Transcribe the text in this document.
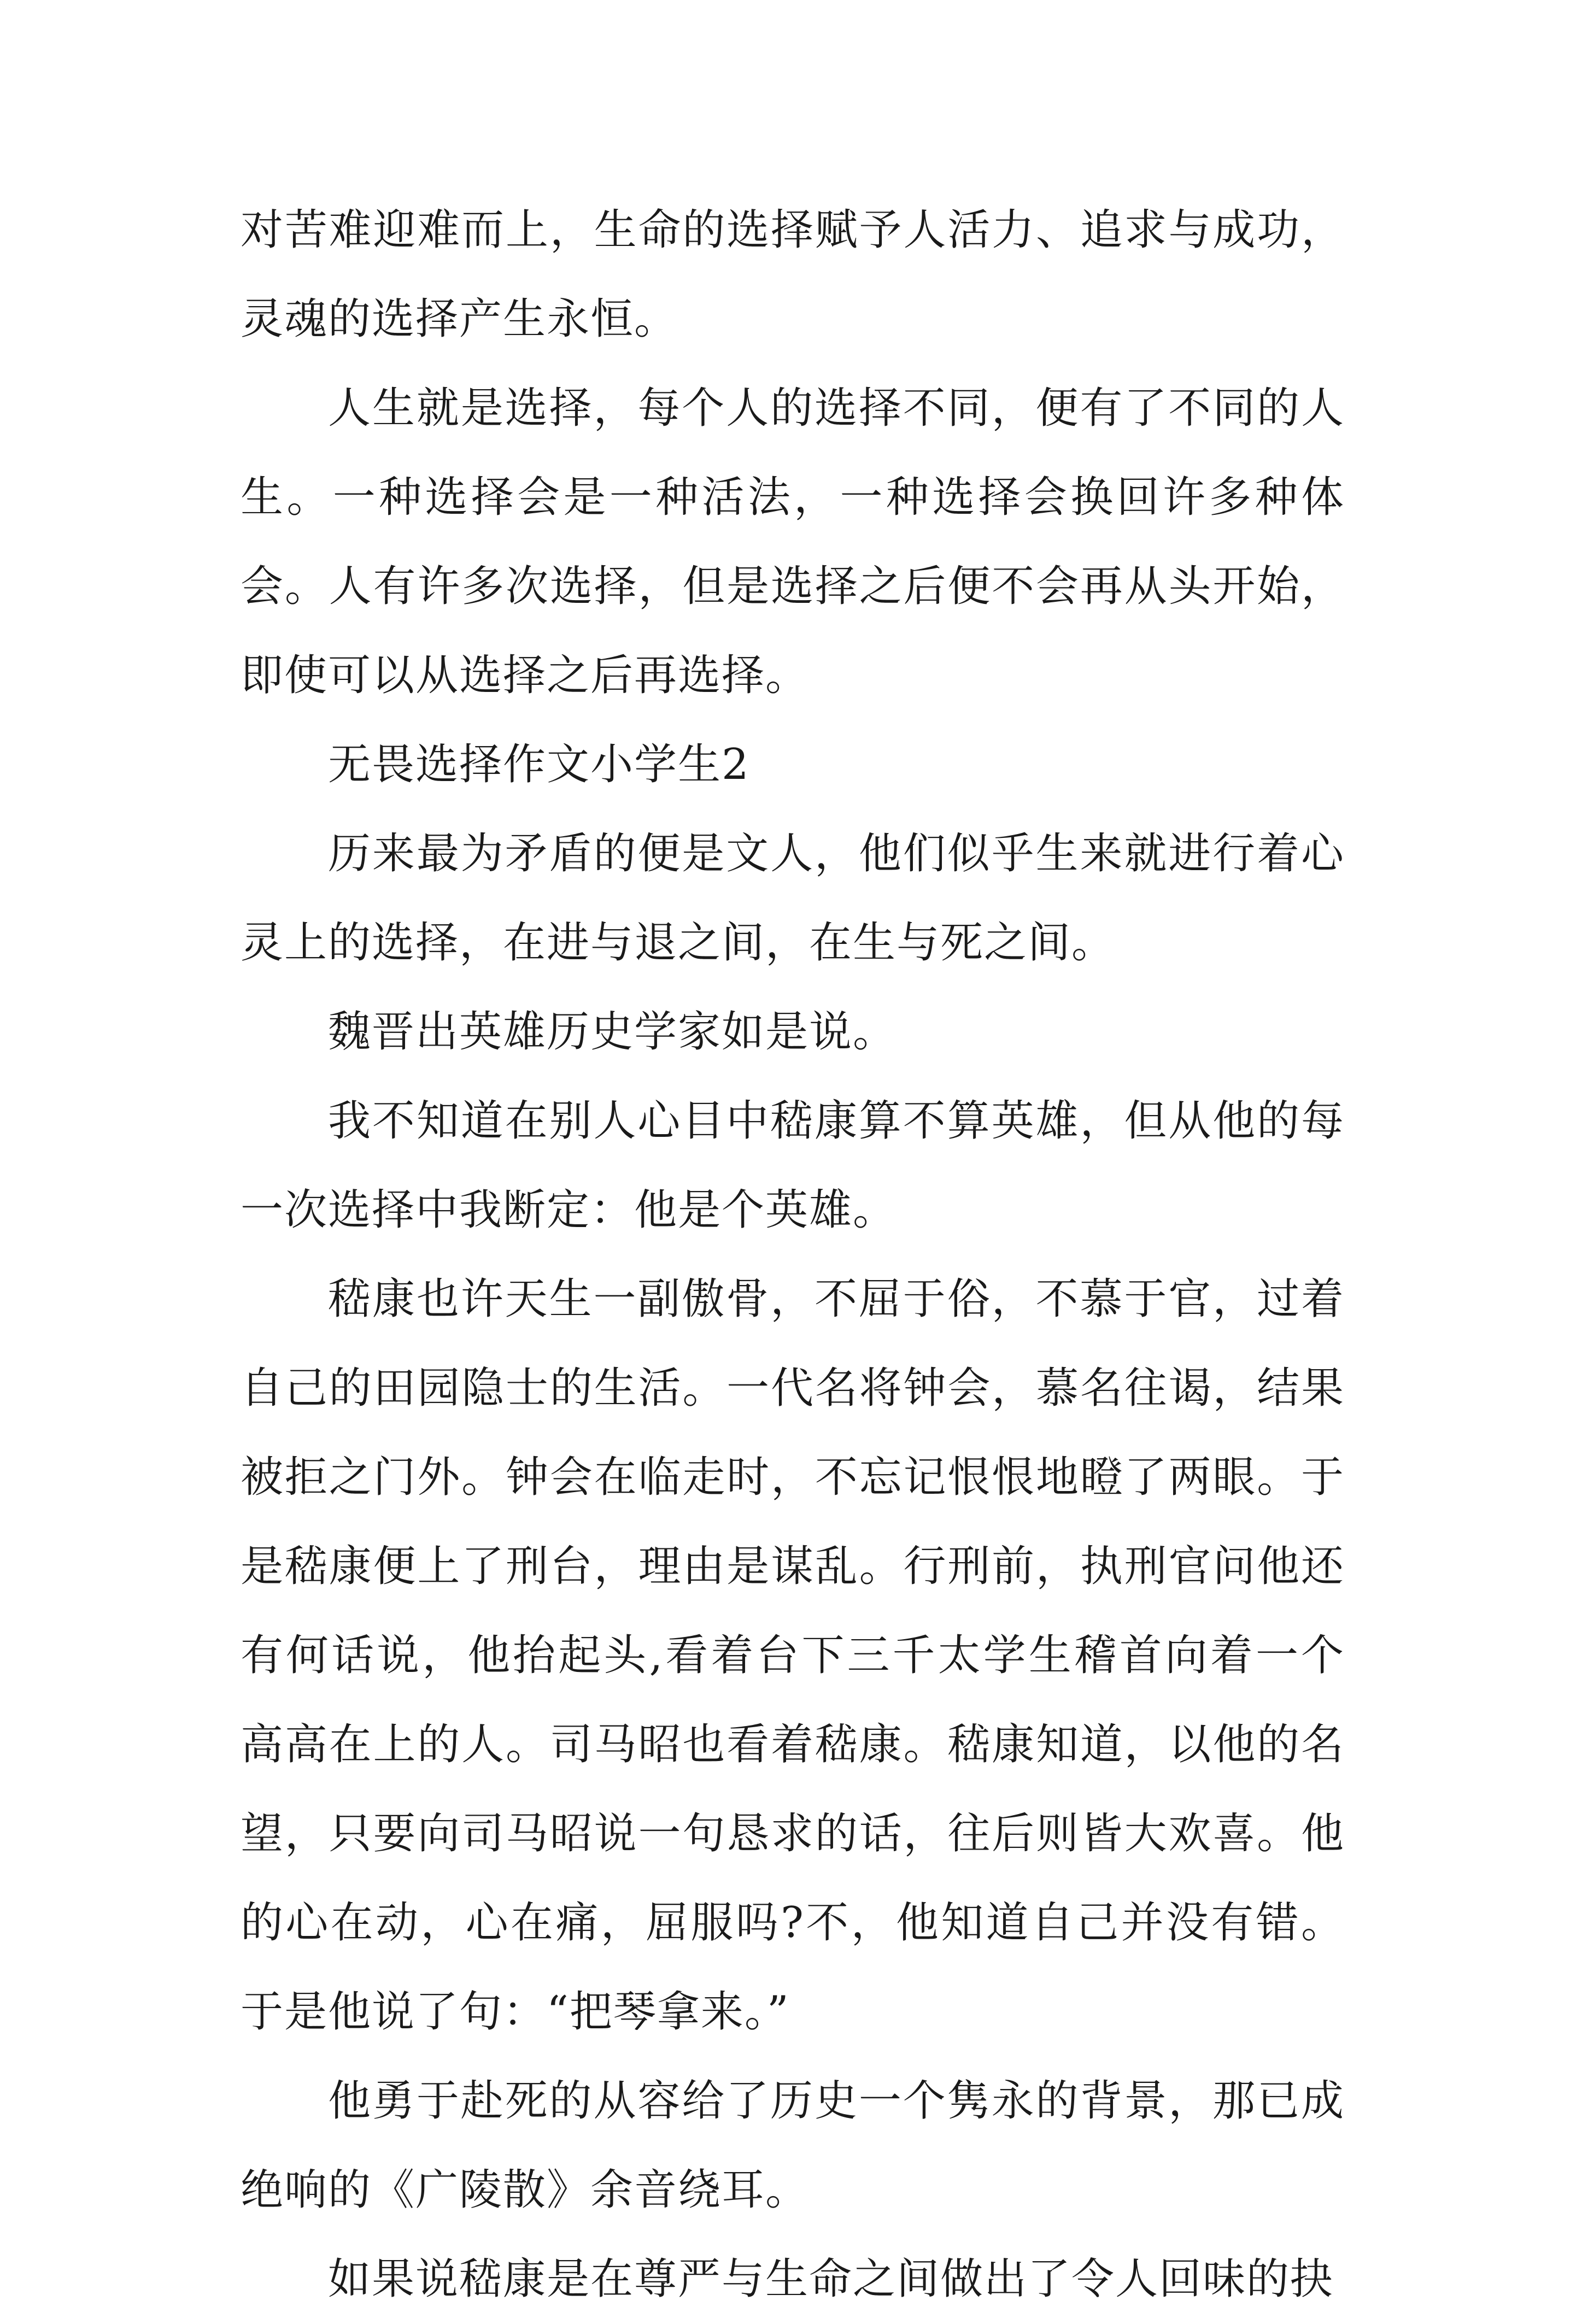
对苦难迎难而上，生命的选择赋予人活力、追求与成功，灵魂的选择产生永恒。

人生就是选择，每个人的选择不同，便有了不同的人生。一种选择会是一种活法，一种选择会换回许多种体会。人有许多次选择，但是选择之后便不会再从头开始，即使可以从选择之后再选择。

无畏选择作文小学生2

历来最为矛盾的便是文人，他们似乎生来就进行着心灵上的选择，在进与退之间，在生与死之间。

魏晋出英雄历史学家如是说。

我不知道在别人心目中嵇康算不算英雄，但从他的每一次选择中我断定：他是个英雄。

嵇康也许天生一副傲骨，不屈于俗，不慕于官，过着自己的田园隐士的生活。一代名将钟会，慕名往谒，结果被拒之门外。钟会在临走时，不忘记恨恨地瞪了两眼。于是嵇康便上了刑台，理由是谋乱。行刑前，执刑官问他还有何话说，他抬起头,看着台下三千太学生稽首向着一个高高在上的人。司马昭也看着嵇康。嵇康知道，以他的名望，只要向司马昭说一句恳求的话，往后则皆大欢喜。他的心在动，心在痛，屈服吗?不，他知道自己并没有错。于是他说了句：“把琴拿来。”

他勇于赴死的从容给了历史一个隽永的背景，那已成绝响的《广陵散》余音绕耳。

如果说嵇康是在尊严与生命之间做出了令人回味的抉
